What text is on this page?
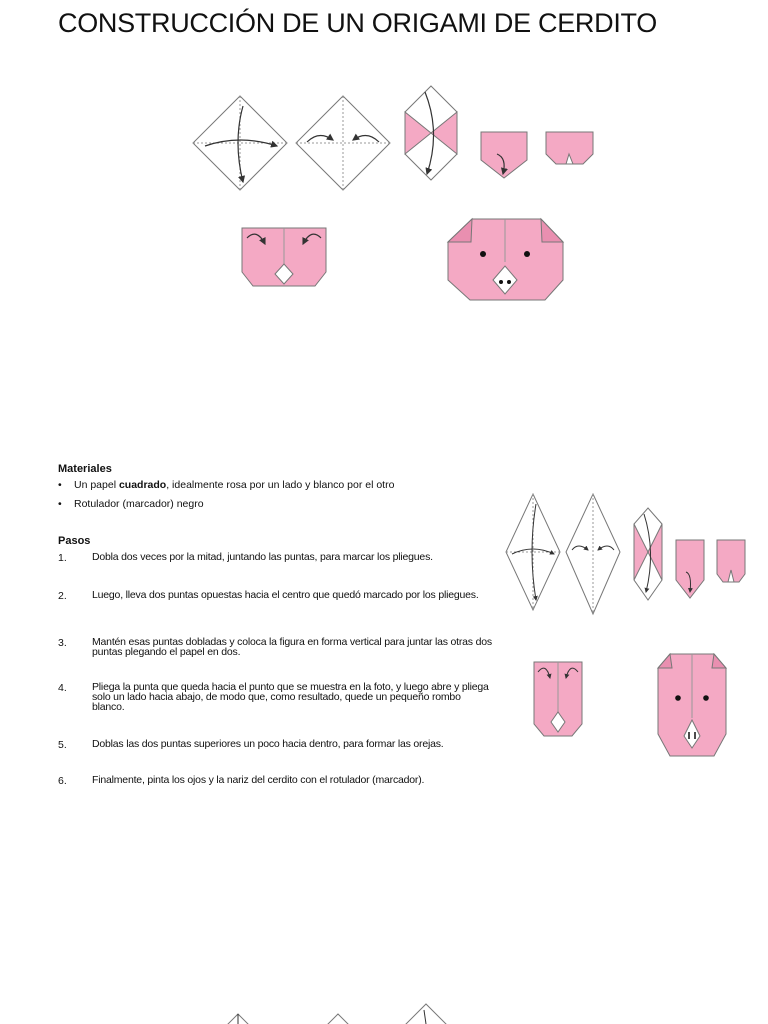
CONSTRUCCIÓN DE UN ORIGAMI DE CERDITO
Materiales
• Un papel cuadrado, idealmente rosa por un lado y blanco por el otro
• Rotulador (marcador) negro
Pasos
1.	Dobla dos veces por la mitad, juntando las puntas, para marcar los pliegues.
2.	Luego, lleva dos puntas opuestas hacia el centro que quedó marcado por los pliegues.
3.	Mantén esas puntas dobladas y coloca la figura en forma vertical para juntar las otras dos puntas plegando el papel en dos.
4.	Pliega la punta que queda hacia el punto que se muestra en la foto, y luego abre y pliega solo un lado hacia abajo, de modo que, como resultado, quede un pequeño rombo blanco.
5.	Doblas las dos puntas superiores un poco hacia dentro, para formar las orejas.
6.	Finalmente, pinta los ojos y la nariz del cerdito con el rotulador (marcador).
